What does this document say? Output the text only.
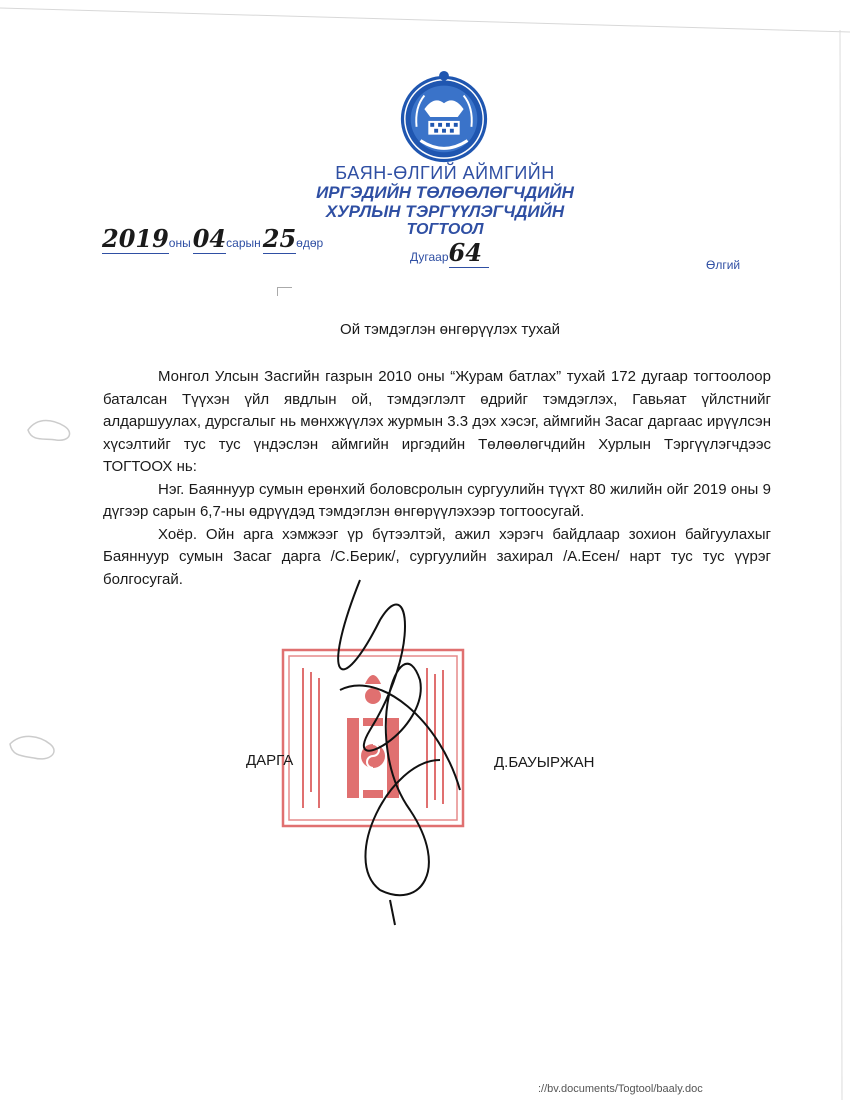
БАЯН-ӨЛГИЙ АЙМГИЙН
ИРГЭДИЙН ТӨЛӨӨЛӨГЧДИЙН
ХУРЛЫН ТЭРГҮҮЛЭГЧДИЙН
ТОГТООЛ
2019оны04сарын25өдөр
Дугаар64	Өлгий
Ой тэмдэглэн өнгөрүүлэх тухай

Монгол Улсын Засгийн газрын 2010 оны “Журам батлах” тухай 172 дугаар тогтоолоор баталсан Түүхэн үйл явдлын ой, тэмдэглэлт өдрийг тэмдэглэх, Гавьяат үйлстнийг алдаршуулах, дурсгалыг нь мөнхжүүлэх журмын 3.3 дэх хэсэг, аймгийн Засаг даргаас ирүүлсэн хүсэлтийг тус тус үндэслэн аймгийн иргэдийн Төлөөлөгчдийн Хурлын Тэргүүлэгчдээс ТОГТООХ нь:

Нэг. Баяннуур сумын ерөнхий боловсролын сургуулийн түүхт 80 жилийн ойг 2019 оны 9 дүгээр сарын 6,7-ны өдрүүдэд тэмдэглэн өнгөрүүлэхээр тогтоосугай.

Хоёр. Ойн арга хэмжээг үр бүтээлтэй, ажил хэрэгч байдлаар зохион байгуулахыг Баяннуур сумын Засаг дарга /С.Берик/, сургуулийн захирал /А.Есен/ нарт тус тус үүрэг болгосугай.

ДАРГА	Д.БАУЫРЖАН
://bv.documents/Togtool/baaly.doc
